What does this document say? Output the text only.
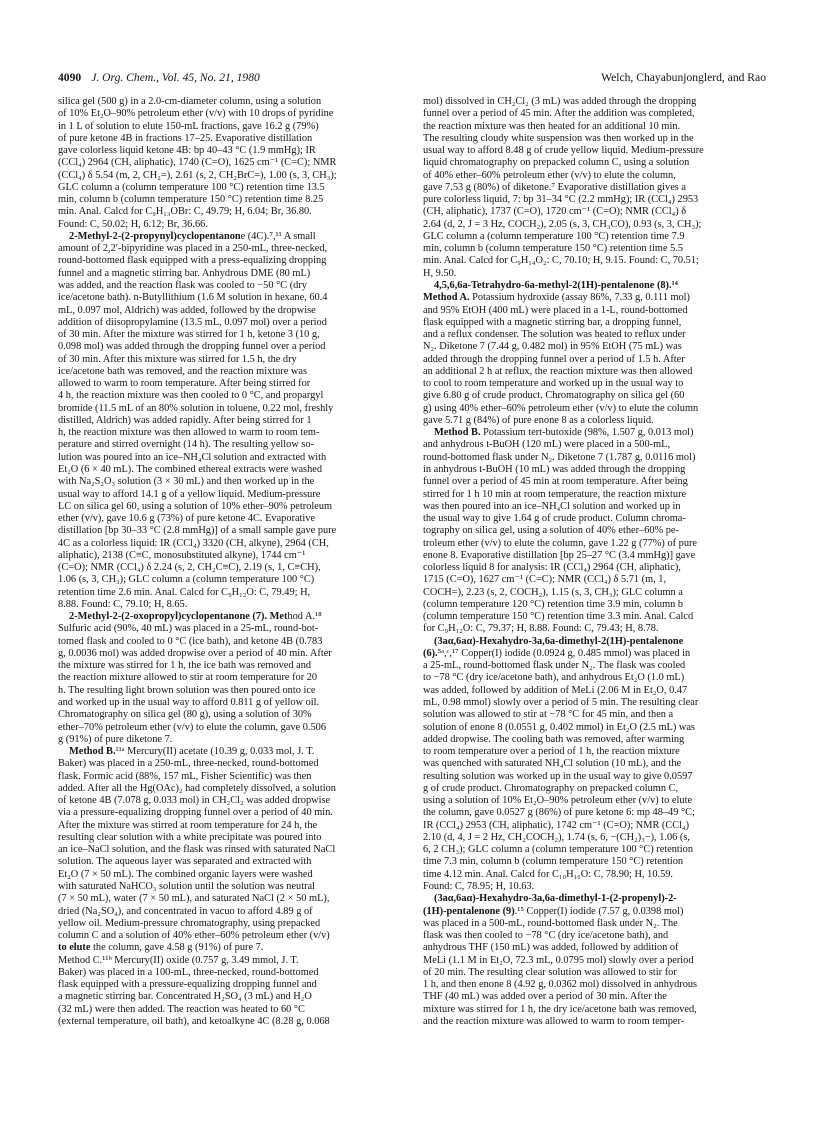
4090 J. Org. Chem., Vol. 45, No. 21, 1980	Welch, Chayabunjonglerd, and Rao
silica gel (500 g) in a 2.0-cm-diameter column, using a solution
of 10% Et₂O–90% petroleum ether (v/v) with 10 drops of pyridine
in 1 L of solution to elute 150-mL fractions, gave 16.2 g (79%)
of pure ketone 4B in fractions 17–25. Evaporative distillation
gave colorless liquid ketone 4B: bp 40–43 °C (1.9 mmHg); IR
(CCl₄) 2964 (CH, aliphatic), 1740 (C=O), 1625 cm⁻¹ (C=C); NMR
(CCl₄) δ 5.54 (m, 2, CH₂=), 2.61 (s, 2, CH₂BrC=), 1.00 (s, 3, CH₃);
GLC column a (column temperature 100 °C) retention time 13.5
min, column b (column temperature 150 °C) retention time 8.25
min. Anal. Calcd for C₉H₁₃OBr: C, 49.79; H, 6.04; Br, 36.80.
Found: C, 50.02; H, 6.12; Br, 36.66.
2-Methyl-2-(2-propynyl)cyclopentanone (4C).⁷,¹¹ A small
amount of 2,2′-bipyridine was placed in a 250-mL, three-necked,
round-bottomed flask equipped with a press-equalizing dropping
funnel and a magnetic stirring bar. Anhydrous DME (80 mL)
was added, and the reaction flask was cooled to −50 °C (dry
ice/acetone bath). n-Butyllithium (1.6 M solution in hexane, 60.4
mL, 0.097 mol, Aldrich) was added, followed by the dropwise
addition of diisopropylamine (13.5 mL, 0.097 mol) over a period
of 30 min. After the mixture was stirred for 1 h, ketone 3 (10 g,
0.098 mol) was added through the dropping funnel over a period
of 30 min. After this mixture was stirred for 1.5 h, the dry
ice/acetone bath was removed, and the reaction mixture was
allowed to warm to room temperature. After being stirred for
4 h, the reaction mixture was then cooled to 0 °C, and propargyl
bromide (11.5 mL of an 80% solution in toluene, 0.22 mol, freshly
distilled, Aldrich) was added rapidly. After being stirred for 1
h, the reaction mixture was then allowed to warm to room tem-
perature and stirred overnight (14 h). The resulting yellow so-
lution was poured into an ice–NH₄Cl solution and extracted with
Et₂O (6 × 40 mL). The combined ethereal extracts were washed
with Na₂S₂O₃ solution (3 × 30 mL) and then worked up in the
usual way to afford 14.1 g of a yellow liquid. Medium-pressure
LC on silica gel 60, using a solution of 10% ether–90% petroleum
ether (v/v), gave 10.6 g (73%) of pure ketone 4C. Evaporative
distillation [bp 30–33 °C (2.8 mmHg)] of a small sample gave pure
4C as a colorless liquid: IR (CCl₄) 3320 (CH, alkyne), 2964 (CH,
aliphatic), 2138 (C≡C, monosubstituted alkyne), 1744 cm⁻¹
(C=O); NMR (CCl₄) δ 2.24 (s, 2, CH₂C≡C), 2.19 (s, 1, C≡CH),
1.06 (s, 3, CH₃); GLC column a (column temperature 100 °C)
retention time 2.6 min. Anal. Calcd for C₉H₁₂O: C, 79.49; H,
8.88. Found: C, 79.10; H, 8.65.
2-Methyl-2-(2-oxopropyl)cyclopentanone (7). Method A.¹⁸
Sulfuric acid (90%, 40 mL) was placed in a 25-mL, round-bot-
tomed flask and cooled to 0 °C (ice bath), and ketone 4B (0.783
g, 0.0036 mol) was added dropwise over a period of 40 min. After
the mixture was stirred for 1 h, the ice bath was removed and
the reaction mixture allowed to stir at room temperature for 20
h. The resulting light brown solution was then poured onto ice
and worked up in the usual way to afford 0.811 g of yellow oil.
Chromatography on silica gel (80 g), using a solution of 30%
ether–70% petroleum ether (v/v) to elute the column, gave 0.506
g (91%) of pure diketone 7.
Method B.¹¹ᵃ Mercury(II) acetate (10.39 g, 0.033 mol, J. T.
Baker) was placed in a 250-mL, three-necked, round-bottomed
flask. Formic acid (88%, 157 mL, Fisher Scientific) was then
added. After all the Hg(OAc)₂ had completely dissolved, a solution
of ketone 4B (7.078 g, 0.033 mol) in CH₂Cl₂ was added dropwise
via a pressure-equalizing dropping funnel over a period of 40 min.
After the mixture was stirred at room temperature for 24 h, the
resulting clear solution with a white precipitate was poured into
an ice–NaCl solution, and the flask was rinsed with saturated NaCl
solution. The aqueous layer was separated and extracted with
Et₂O (7 × 50 mL). The combined organic layers were washed
with saturated NaHCO₃ solution until the solution was neutral
(7 × 50 mL), water (7 × 50 mL), and saturated NaCl (2 × 50 mL),
dried (Na₂SO₄), and concentrated in vacuo to afford 4.89 g of
yellow oil. Medium-pressure chromatography, using prepacked
column C and a solution of 40% ether–60% petroleum ether (v/v)
to elute the column, gave 4.58 g (91%) of pure 7.
Method C.¹¹ᵇ Mercury(II) oxide (0.757 g, 3.49 mmol, J. T.
Baker) was placed in a 100-mL, three-necked, round-bottomed
flask equipped with a pressure-equalizing dropping funnel and
a magnetic stirring bar. Concentrated H₂SO₄ (3 mL) and H₂O
(32 mL) were then added. The reaction was heated to 60 °C
(external temperature, oil bath), and ketoalkyne 4C (8.28 g, 0.068
mol) dissolved in CH₂Cl₂ (3 mL) was added through the dropping
funnel over a period of 45 min. After the addition was completed,
the reaction mixture was then heated for an additional 10 min.
The resulting cloudy white suspension was then worked up in the
usual way to afford 8.48 g of crude yellow liquid. Medium-pressure
liquid chromatography on prepacked column C, using a solution
of 40% ether–60% petroleum ether (v/v) to elute the column,
gave 7.53 g (80%) of diketone.⁷ Evaporative distillation gives a
pure colorless liquid, 7: bp 31–34 °C (2.2 mmHg); IR (CCl₄) 2953
(CH, aliphatic), 1737 (C=O), 1720 cm⁻¹ (C=O); NMR (CCl₄) δ
2.64 (d, 2, J = 3 Hz, COCH₂), 2.05 (s, 3, CH₃CO), 0.93 (s, 3, CH₃);
GLC column a (column temperature 100 °C) retention time 7.9
min, column b (column temperature 150 °C) retention time 5.5
min. Anal. Calcd for C₉H₁₄O₂: C, 70.10; H, 9.15. Found: C, 70.51;
H, 9.50.
4,5,6,6a-Tetrahydro-6a-methyl-2(1H)-pentalenone (8).¹⁴
Method A. Potassium hydroxide (assay 86%, 7.33 g, 0.111 mol)
and 95% EtOH (400 mL) were placed in a 1-L, round-bottomed
flask equipped with a magnetic stirring bar, a dropping funnel,
and a reflux condenser. The solution was heated to reflux under
N₂. Diketone 7 (7.44 g, 0.482 mol) in 95% EtOH (75 mL) was
added through the dropping funnel over a period of 1.5 h. After
an additional 2 h at reflux, the reaction mixture was then allowed
to cool to room temperature and worked up in the usual way to
give 6.80 g of crude product. Chromatography on silica gel (60
g) using 40% ether–60% petroleum ether (v/v) to elute the column
gave 5.71 g (84%) of pure enone 8 as a colorless liquid.
Method B. Potassium tert-butoxide (98%, 1.507 g, 0.013 mol)
and anhydrous t-BuOH (120 mL) were placed in a 500-mL,
round-bottomed flask under N₂. Diketone 7 (1.787 g, 0.0116 mol)
in anhydrous t-BuOH (10 mL) was added through the dropping
funnel over a period of 45 min at room temperature. After being
stirred for 1 h 10 min at room temperature, the reaction mixture
was then poured into an ice–NH₄Cl solution and worked up in
the usual way to give 1.64 g of crude product. Column chroma-
tography on silica gel, using a solution of 40% ether–60% pe-
troleum ether (v/v) to elute the column, gave 1.22 g (77%) of pure
enone 8. Evaporative distillation [bp 25–27 °C (3.4 mmHg)] gave
colorless liquid 8 for analysis: IR (CCl₄) 2964 (CH, aliphatic),
1715 (C=O), 1627 cm⁻¹ (C=C); NMR (CCl₄) δ 5.71 (m, 1,
COCH=), 2.23 (s, 2, COCH₂), 1.15 (s, 3, CH₃); GLC column a
(column temperature 120 °C) retention time 3.9 min, column b
(column temperature 150 °C) retention time 3.3 min. Anal. Calcd
for C₉H₁₂O: C, 79.37; H, 8.88. Found: C, 79.43; H, 8.78.
(3aα,6aα)-Hexahydro-3a,6a-dimethyl-2(1H)-pentalenone
(6).⁵ᵃ,ᶜ,¹⁷ Copper(I) iodide (0.0924 g, 0.485 mmol) was placed in
a 25-mL, round-bottomed flask under N₂. The flask was cooled
to −78 °C (dry ice/acetone bath), and anhydrous Et₂O (1.0 mL)
was added, followed by addition of MeLi (2.06 M in Et₂O, 0.47
mL, 0.98 mmol) slowly over a period of 5 min. The resulting clear
solution was allowed to stir at −78 °C for 45 min, and then a
solution of enone 8 (0.0551 g, 0.402 mmol) in Et₂O (2.5 mL) was
added dropwise. The cooling bath was removed, after warming
to room temperature over a period of 1 h, the reaction mixture
was quenched with saturated NH₄Cl solution (10 mL), and the
resulting solution was worked up in the usual way to give 0.0597
g of crude product. Chromatography on prepacked column C,
using a solution of 10% Et₂O–90% petroleum ether (v/v) to elute
the column, gave 0.0527 g (86%) of pure ketone 6: mp 48–49 °C;
IR (CCl₄) 2953 (CH, aliphatic), 1742 cm⁻¹ (C=O); NMR (CCl₄)
2.10 (d, 4, J = 2 Hz, CH₂COCH₂), 1.74 (s, 6, −(CH₂)₃−), 1.06 (s,
6, 2 CH₃); GLC column a (column temperature 100 °C) retention
time 7.3 min, column b (column temperature 150 °C) retention
time 4.12 min. Anal. Calcd for C₁₀H₁₆O: C, 78.90; H, 10.59.
Found: C, 78.95; H, 10.63.
(3aα,6aα)-Hexahydro-3a,6a-dimethyl-1-(2-propenyl)-2-
(1H)-pentalenone (9).¹⁵ Copper(I) iodide (7.57 g, 0.0398 mol)
was placed in a 500-mL, round-bottomed flask under N₂. The
flask was then cooled to −78 °C (dry ice/acetone bath), and
anhydrous THF (150 mL) was added, followed by addition of
MeLi (1.1 M in Et₂O, 72.3 mL, 0.0795 mol) slowly over a period
of 20 min. The resulting clear solution was allowed to stir for
1 h, and then enone 8 (4.92 g, 0.0362 mol) dissolved in anhydrous
THF (40 mL) was added over a period of 30 min. After the
mixture was stirred for 1 h, the dry ice/acetone bath was removed,
and the reaction mixture was allowed to warm to room temper-
